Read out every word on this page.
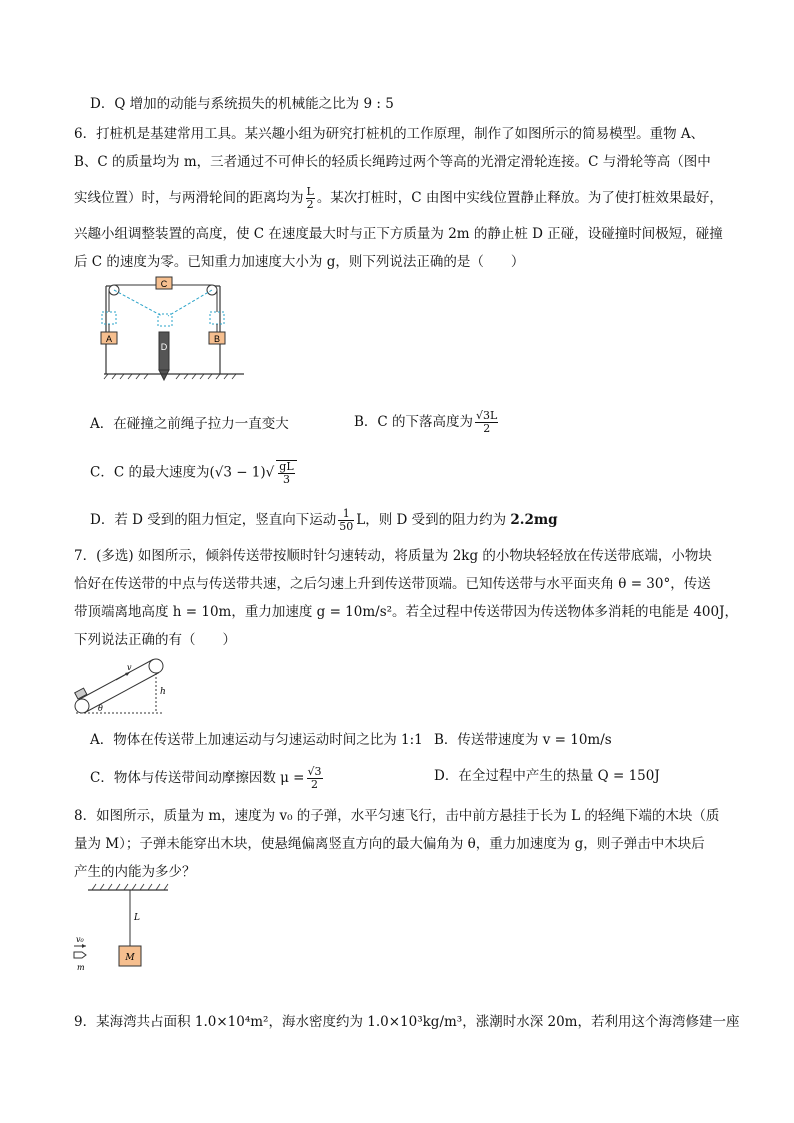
D．Q 增加的动能与系统损失的机械能之比为 9 : 5
6．打桩机是基建常用工具。某兴趣小组为研究打桩机的工作原理，制作了如图所示的简易模型。重物 A、
B、C 的质量均为 m，三者通过不可伸长的轻质长绳跨过两个等高的光滑定滑轮连接。C 与滑轮等高（图中
实线位置）时，与两滑轮间的距离均为 $\frac{L}{2}$ 。某次打桩时，C 由图中实线位置静止释放。为了使打桩效果最好，
兴趣小组调整装置的高度，使 C 在速度最大时与正下方质量为 2m 的静止桩 D 正碰，设碰撞时间极短，碰撞
后 C 的速度为零。已知重力加速度大小为 g，则下列说法正确的是（　　）
C
A	B
D
A．在碰撞之前绳子拉力一直变大	B．C 的下落高度为 $\frac{√3L}{2}$
C．C 的最大速度为$(√3 - 1)√ \frac{gL}{3}$
D．若 D 受到的阻力恒定，竖直向下运动 $\frac{1}{50}$ L，则 D 受到的阻力约为 2.2mg
7．(多选) 如图所示，倾斜传送带按顺时针匀速转动，将质量为 2kg 的小物块轻轻放在传送带底端，小物块
恰好在传送带的中点与传送带共速，之后匀速上升到传送带顶端。已知传送带与水平面夹角 θ = 30°，传送
带顶端离地高度 h = 10m，重力加速度 g = 10m/s²。若全过程中传送带因为传送物体多消耗的电能是 400J，
下列说法正确的有（　　）
v
h
θ
A．物体在传送带上加速运动与匀速运动时间之比为 1:1 B．传送带速度为 v = 10m/s
C．物体与传送带间动摩擦因数 $\mu = \frac{√3}{2}$	D．在全过程中产生的热量 Q = 150J
8．如图所示，质量为 m，速度为 v₀ 的子弹，水平匀速飞行，击中前方悬挂于长为 L 的轻绳下端的木块（质
量为 M）；子弹未能穿出木块，使悬绳偏离竖直方向的最大偏角为 θ，重力加速度为 g，则子弹击中木块后
产生的内能为多少？
L
M
v₀
m
9．某海湾共占面积 1.0×10⁴m²，海水密度约为 1.0×10³kg/m³，涨潮时水深 20m，若利用这个海湾修建一座
